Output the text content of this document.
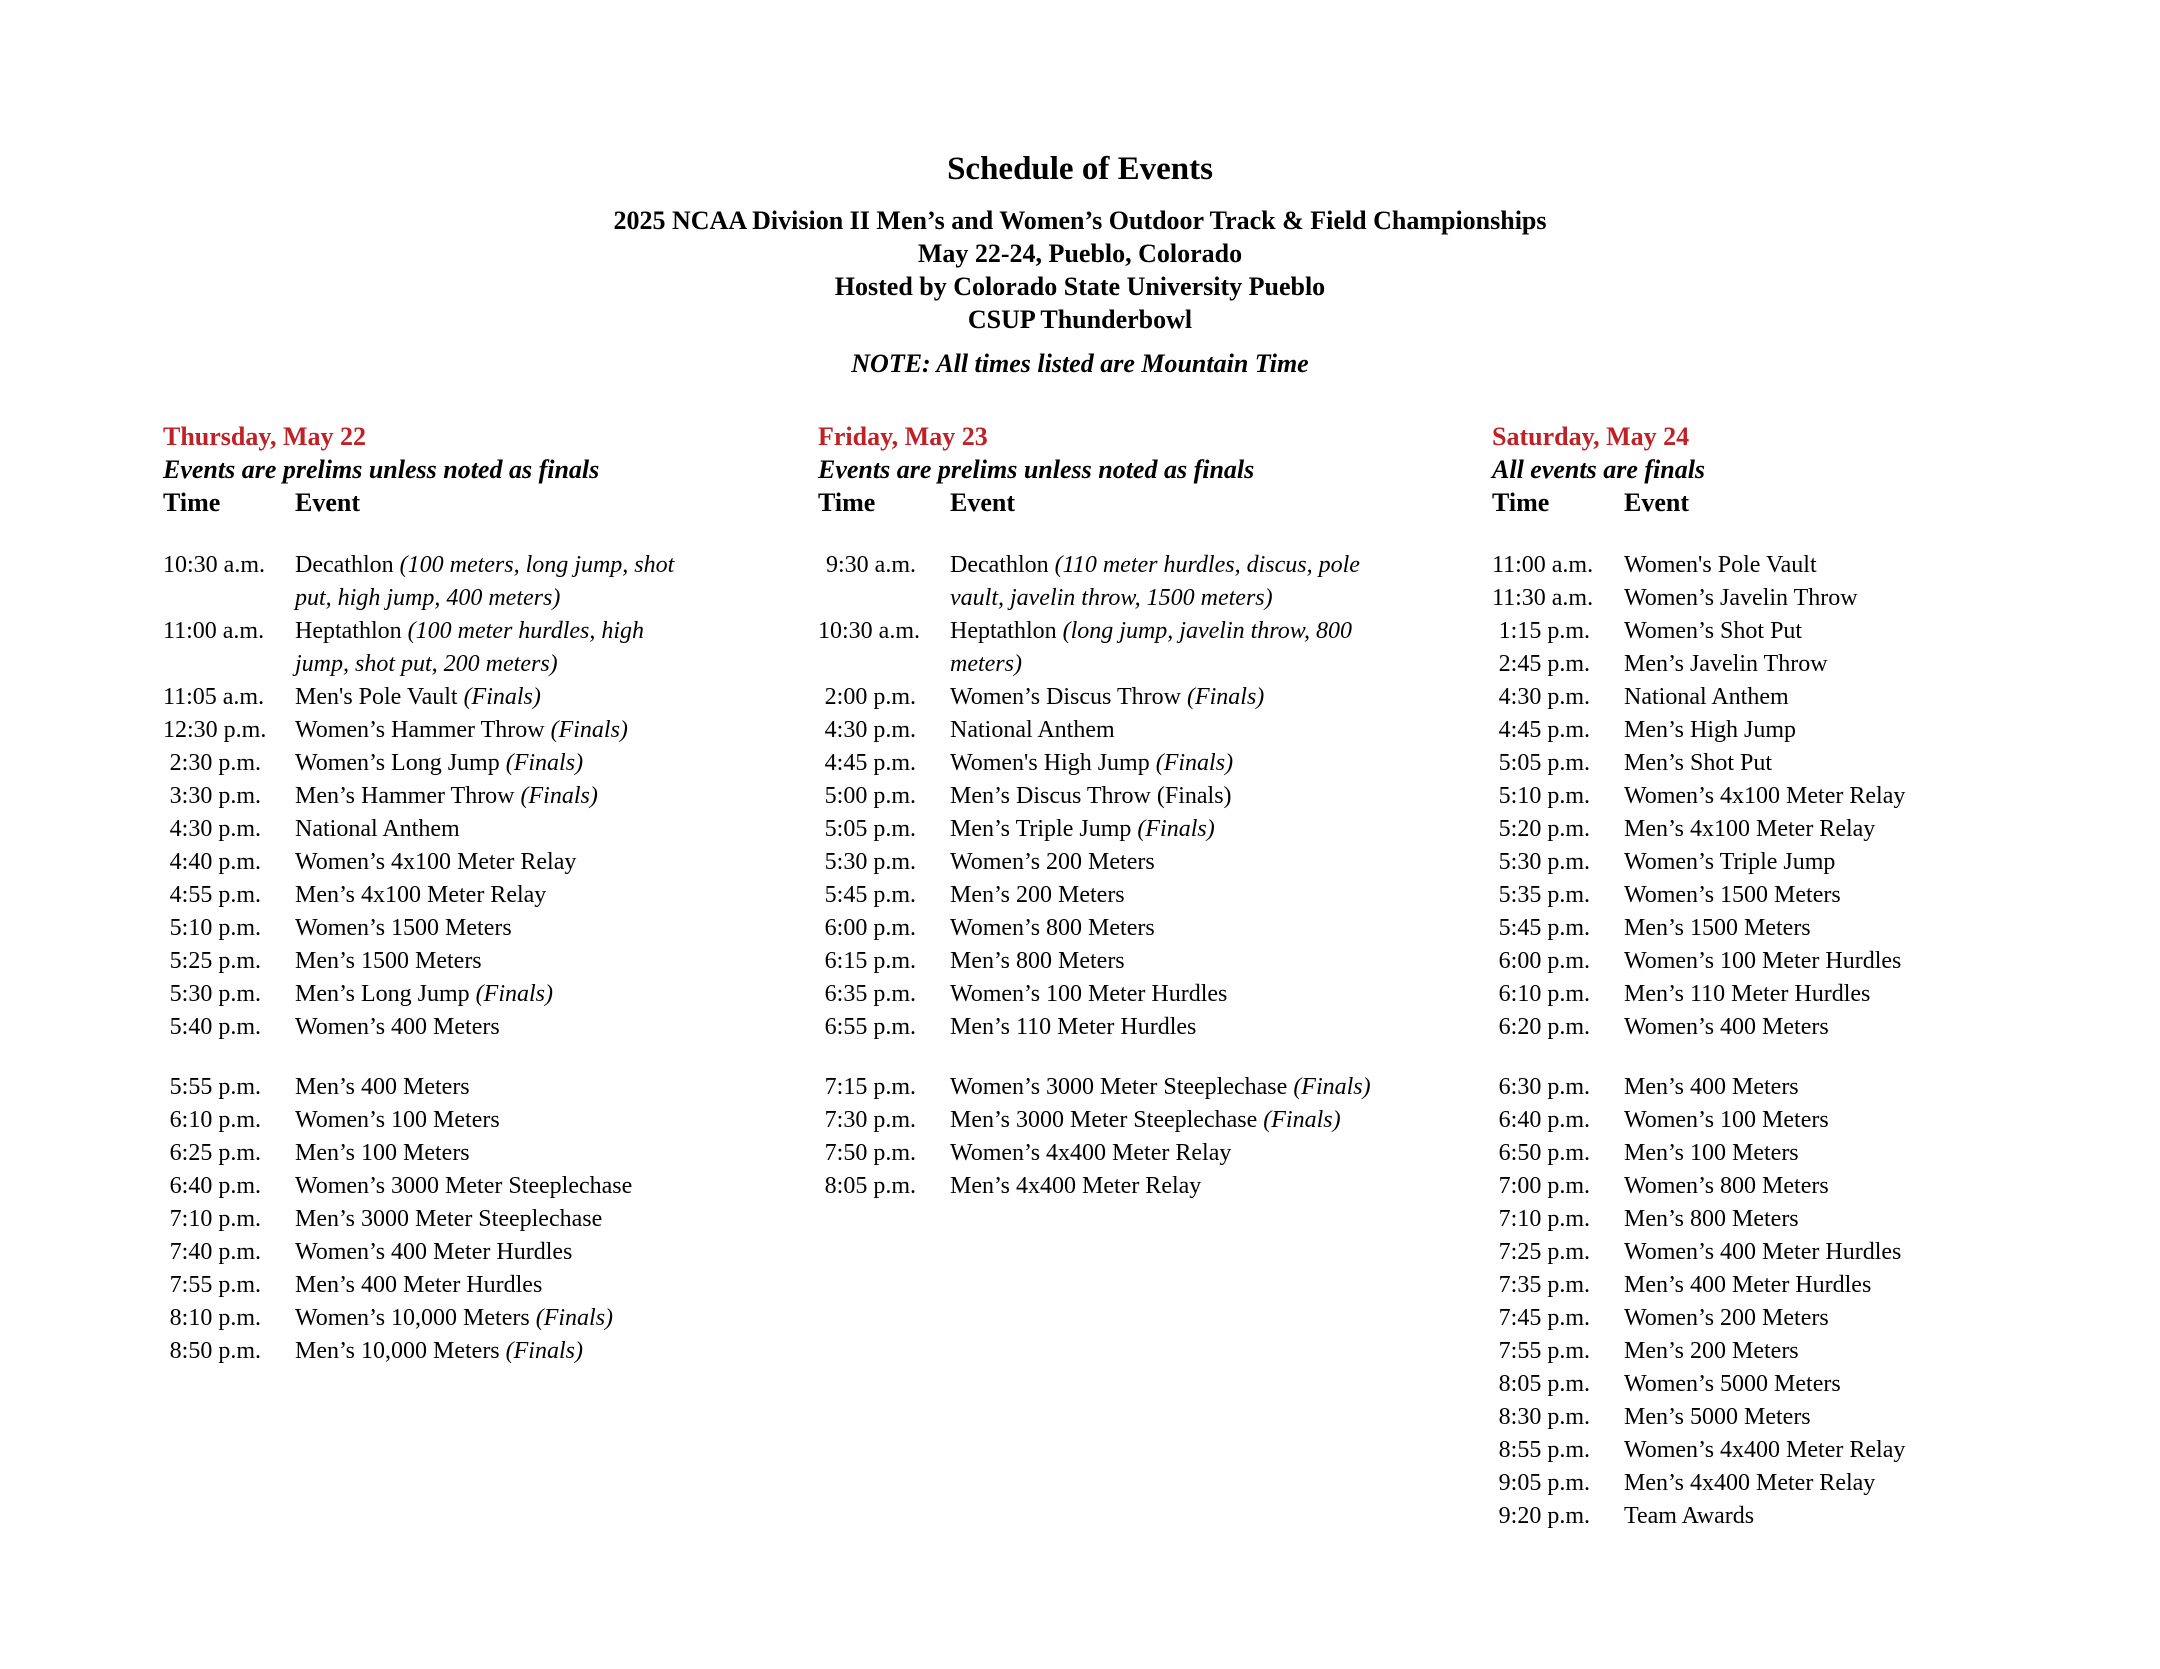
Schedule of Events

2025 NCAA Division II Men’s and Women’s Outdoor Track & Field Championships

May 22-24, Pueblo, Colorado

Hosted by Colorado State University Pueblo

CSUP Thunderbowl

NOTE: All times listed are Mountain Time
Thursday, May 22

Events are prelims unless noted as finals

Time	Event
10:30 a.m. Decathlon (100 meters, long jump, shot put, high jump, 400 meters)
11:00 a.m. Heptathlon (100 meter hurdles, high jump, shot put, 200 meters)
11:05 a.m. Men's Pole Vault (Finals)
12:30 p.m. Women’s Hammer Throw (Finals)
2:30 p.m. Women’s Long Jump (Finals)
3:30 p.m. Men’s Hammer Throw (Finals)
4:30 p.m. National Anthem
4:40 p.m. Women’s 4x100 Meter Relay
4:55 p.m. Men’s 4x100 Meter Relay
5:10 p.m. Women’s 1500 Meters
5:25 p.m. Men’s 1500 Meters
5:30 p.m. Men’s Long Jump (Finals)
5:40 p.m. Women’s 400 Meters
5:55 p.m. Men’s 400 Meters
6:10 p.m. Women’s 100 Meters
6:25 p.m. Men’s 100 Meters
6:40 p.m. Women’s 3000 Meter Steeplechase
7:10 p.m. Men’s 3000 Meter Steeplechase
7:40 p.m. Women’s 400 Meter Hurdles
7:55 p.m. Men’s 400 Meter Hurdles
8:10 p.m. Women’s 10,000 Meters (Finals)
8:50 p.m. Men’s 10,000 Meters (Finals)
Friday, May 23

Events are prelims unless noted as finals

Time	Event
9:30 a.m. Decathlon (110 meter hurdles, discus, pole vault, javelin throw, 1500 meters)
10:30 a.m. Heptathlon (long jump, javelin throw, 800 meters)
2:00 p.m. Women’s Discus Throw (Finals)
4:30 p.m. National Anthem
4:45 p.m. Women's High Jump (Finals)
5:00 p.m. Men’s Discus Throw (Finals)
5:05 p.m. Men’s Triple Jump (Finals)
5:30 p.m. Women’s 200 Meters
5:45 p.m. Men’s 200 Meters
6:00 p.m. Women’s 800 Meters
6:15 p.m. Men’s 800 Meters
6:35 p.m. Women’s 100 Meter Hurdles
6:55 p.m. Men’s 110 Meter Hurdles
7:15 p.m. Women’s 3000 Meter Steeplechase (Finals)
7:30 p.m. Men’s 3000 Meter Steeplechase (Finals)
7:50 p.m. Women’s 4x400 Meter Relay
8:05 p.m. Men’s 4x400 Meter Relay
Saturday, May 24

All events are finals

Time	Event
11:00 a.m. Women's Pole Vault
11:30 a.m. Women’s Javelin Throw
1:15 p.m. Women’s Shot Put
2:45 p.m. Men’s Javelin Throw
4:30 p.m. National Anthem
4:45 p.m. Men’s High Jump
5:05 p.m. Men’s Shot Put
5:10 p.m. Women’s 4x100 Meter Relay
5:20 p.m. Men’s 4x100 Meter Relay
5:30 p.m. Women’s Triple Jump
5:35 p.m. Women’s 1500 Meters
5:45 p.m. Men’s 1500 Meters
6:00 p.m. Women’s 100 Meter Hurdles
6:10 p.m. Men’s 110 Meter Hurdles
6:20 p.m. Women’s 400 Meters
6:30 p.m. Men’s 400 Meters
6:40 p.m. Women’s 100 Meters
6:50 p.m. Men’s 100 Meters
7:00 p.m. Women’s 800 Meters
7:10 p.m. Men’s 800 Meters
7:25 p.m. Women’s 400 Meter Hurdles
7:35 p.m. Men’s 400 Meter Hurdles
7:45 p.m. Women’s 200 Meters
7:55 p.m. Men’s 200 Meters
8:05 p.m. Women’s 5000 Meters
8:30 p.m. Men’s 5000 Meters
8:55 p.m. Women’s 4x400 Meter Relay
9:05 p.m. Men’s 4x400 Meter Relay
9:20 p.m. Team Awards
